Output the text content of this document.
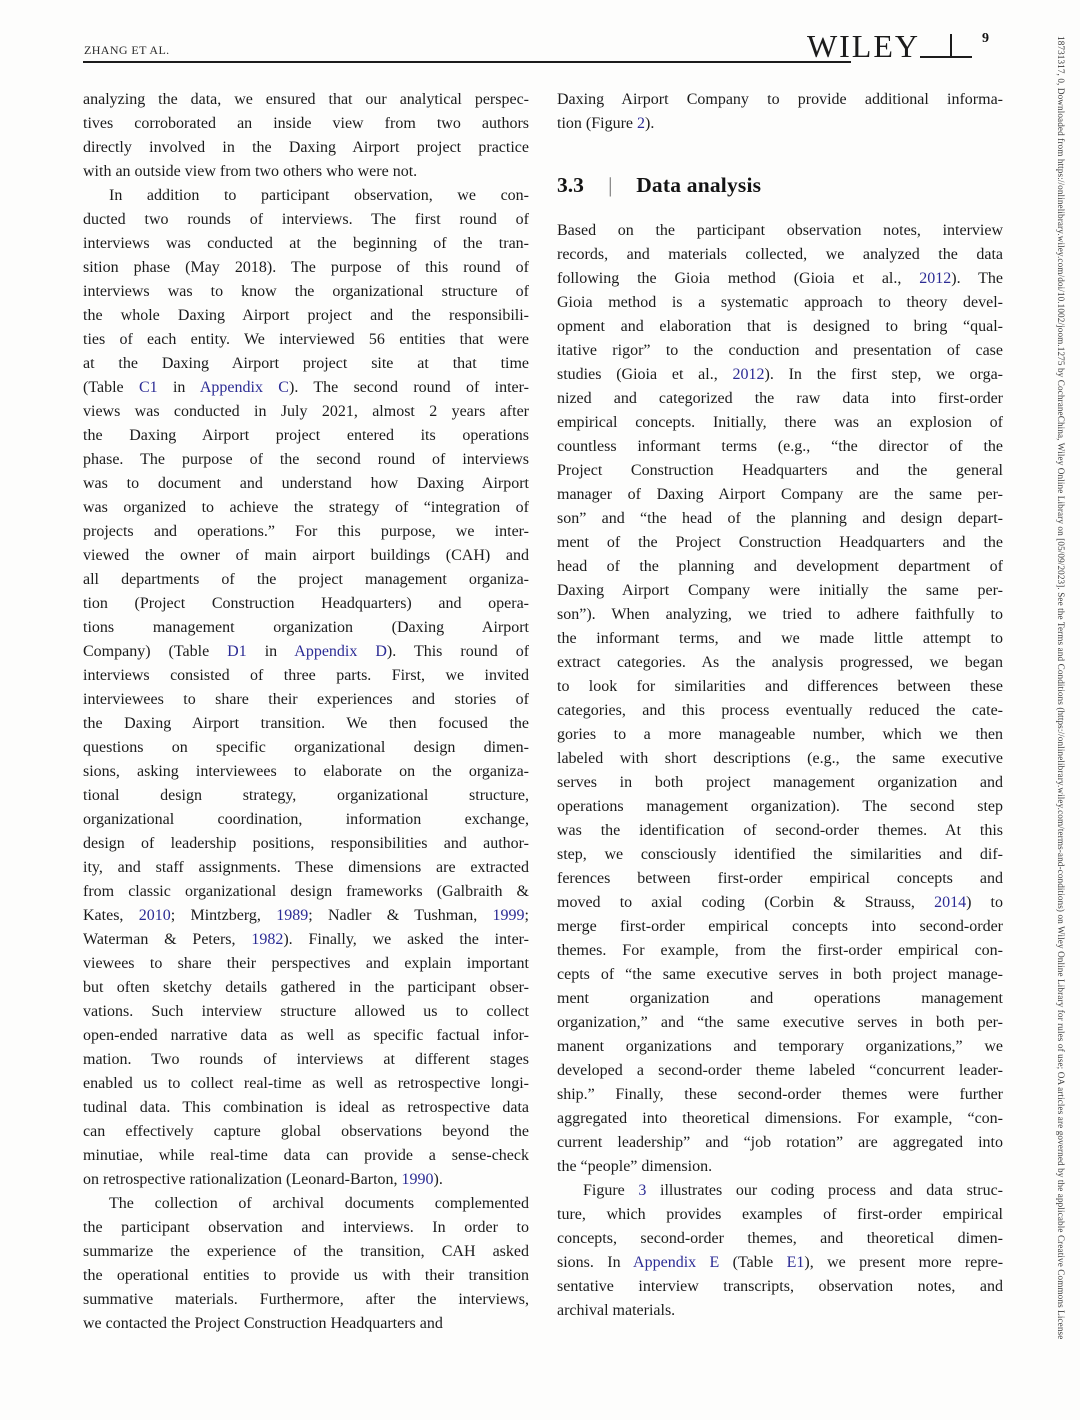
ZHANG ET AL.	WILEY	9
analyzing the data, we ensured that our analytical perspec-
tives corroborated an inside view from two authors
directly involved in the Daxing Airport project practice
with an outside view from two others who were not.
In addition to participant observation, we con-
ducted two rounds of interviews. The first round of
interviews was conducted at the beginning of the tran-
sition phase (May 2018). The purpose of this round of
interviews was to know the organizational structure of
the whole Daxing Airport project and the responsibili-
ties of each entity. We interviewed 56 entities that were
at the Daxing Airport project site at that time
(Table C1 in Appendix C). The second round of inter-
views was conducted in July 2021, almost 2 years after
the Daxing Airport project entered its operations
phase. The purpose of the second round of interviews
was to document and understand how Daxing Airport
was organized to achieve the strategy of “integration of
projects and operations.” For this purpose, we inter-
viewed the owner of main airport buildings (CAH) and
all departments of the project management organiza-
tion (Project Construction Headquarters) and opera-
tions management organization (Daxing Airport
Company) (Table D1 in Appendix D). This round of
interviews consisted of three parts. First, we invited
interviewees to share their experiences and stories of
the Daxing Airport transition. We then focused the
questions on specific organizational design dimen-
sions, asking interviewees to elaborate on the organiza-
tional design strategy, organizational structure,
organizational coordination, information exchange,
design of leadership positions, responsibilities and author-
ity, and staff assignments. These dimensions are extracted
from classic organizational design frameworks (Galbraith &
Kates, 2010; Mintzberg, 1989; Nadler & Tushman, 1999;
Waterman & Peters, 1982). Finally, we asked the inter-
viewees to share their perspectives and explain important
but often sketchy details gathered in the participant obser-
vations. Such interview structure allowed us to collect
open-ended narrative data as well as specific factual infor-
mation. Two rounds of interviews at different stages
enabled us to collect real-time as well as retrospective longi-
tudinal data. This combination is ideal as retrospective data
can effectively capture global observations beyond the
minutiae, while real-time data can provide a sense-check
on retrospective rationalization (Leonard-Barton, 1990).
The collection of archival documents complemented
the participant observation and interviews. In order to
summarize the experience of the transition, CAH asked
the operational entities to provide us with their transition
summative materials. Furthermore, after the interviews,
we contacted the Project Construction Headquarters and
Daxing Airport Company to provide additional informa-
tion (Figure 2).
3.3 | Data analysis
Based on the participant observation notes, interview
records, and materials collected, we analyzed the data
following the Gioia method (Gioia et al., 2012). The
Gioia method is a systematic approach to theory devel-
opment and elaboration that is designed to bring “qual-
itative rigor” to the conduction and presentation of case
studies (Gioia et al., 2012). In the first step, we orga-
nized and categorized the raw data into first-order
empirical concepts. Initially, there was an explosion of
countless informant terms (e.g., “the director of the
Project Construction Headquarters and the general
manager of Daxing Airport Company are the same per-
son” and “the head of the planning and design depart-
ment of the Project Construction Headquarters and the
head of the planning and development department of
Daxing Airport Company were initially the same per-
son”). When analyzing, we tried to adhere faithfully to
the informant terms, and we made little attempt to
extract categories. As the analysis progressed, we began
to look for similarities and differences between these
categories, and this process eventually reduced the cate-
gories to a more manageable number, which we then
labeled with short descriptions (e.g., the same executive
serves in both project management organization and
operations management organization). The second step
was the identification of second-order themes. At this
step, we consciously identified the similarities and dif-
ferences between first-order empirical concepts and
moved to axial coding (Corbin & Strauss, 2014) to
merge first-order empirical concepts into second-order
themes. For example, from the first-order empirical con-
cepts of “the same executive serves in both project manage-
ment organization and operations management
organization,” and “the same executive serves in both per-
manent organizations and temporary organizations,” we
developed a second-order theme labeled “concurrent leader-
ship.” Finally, these second-order themes were further
aggregated into theoretical dimensions. For example, “con-
current leadership” and “job rotation” are aggregated into
the “people” dimension.
Figure 3 illustrates our coding process and data struc-
ture, which provides examples of first-order empirical
concepts, second-order themes, and theoretical dimen-
sions. In Appendix E (Table E1), we present more repre-
sentative interview transcripts, observation notes, and
archival materials.	18731317, 0, Downloaded from https://onlinelibrary.wiley.com/doi/10.1002/joom.1275 by CochraneChina, Wiley Online Library on [05/09/2023]. See the Terms and Conditions (https://onlinelibrary.wiley.com/terms-and-conditions) on Wiley Online Library for rules of use; OA articles are governed by the applicable Creative Commons License
